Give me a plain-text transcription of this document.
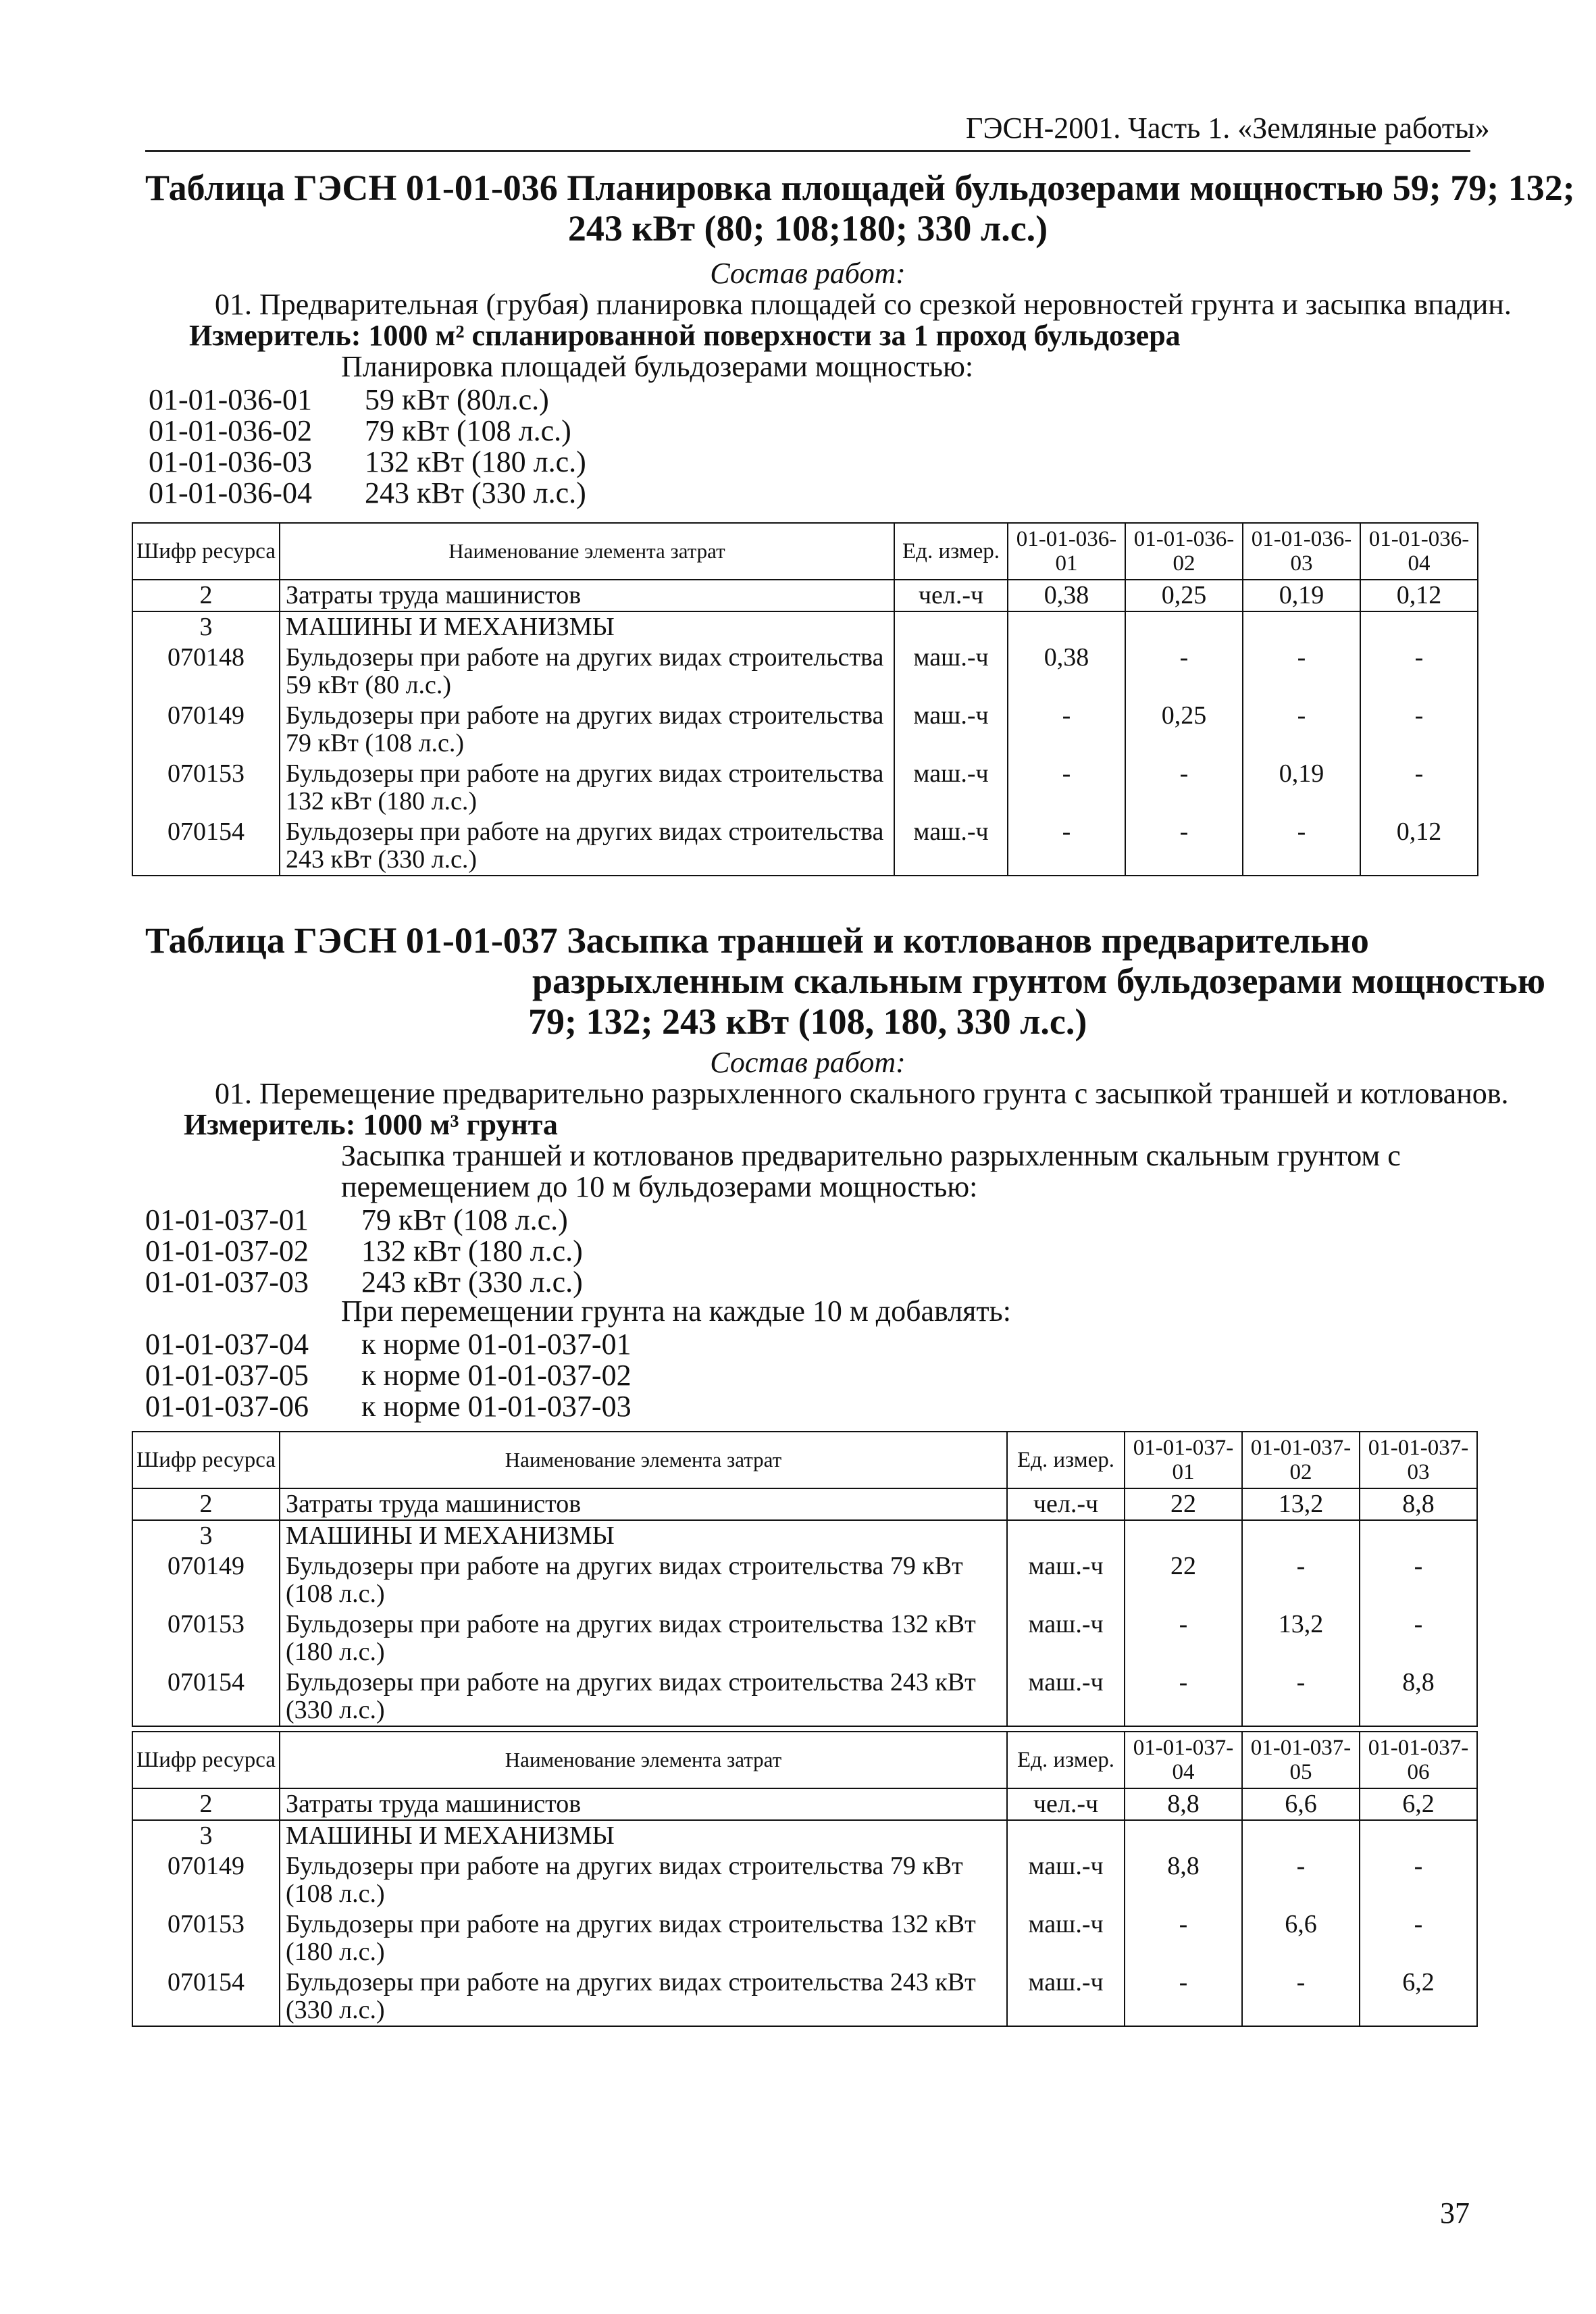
ГЭСН-2001. Часть 1. «Земляные работы»
Таблица ГЭСН 01-01-036 Планировка площадей бульдозерами мощностью 59; 79; 132;
243 кВт (80; 108;180; 330 л.с.)
Состав работ:
01. Предварительная (грубая) планировка площадей со срезкой неровностей грунта и засыпка впадин.
Измеритель: 1000 м² спланированной поверхности за 1 проход бульдозера
Планировка площадей бульдозерами мощностью:
01-01-036-01 59 кВт (80л.с.)
01-01-036-02 79 кВт (108 л.с.)
01-01-036-03 132 кВт (180 л.с.)
01-01-036-04 243 кВт (330 л.с.)
Шифр ресурса	Наименование элемента затрат	Ед. измер.	01-01-036-01	01-01-036-02	01-01-036-03	01-01-036-04
2	Затраты труда машинистов	чел.-ч	0,38	0,25	0,19	0,12
3	МАШИНЫ И МЕХАНИЗМЫ					
070148	Бульдозеры при работе на других видах строительства 59 кВт (80 л.с.)	маш.-ч	0,38	-	-	-
070149	Бульдозеры при работе на других видах строительства 79 кВт (108 л.с.)	маш.-ч	-	0,25	-	-
070153	Бульдозеры при работе на других видах строительства 132 кВт (180 л.с.)	маш.-ч	-	-	0,19	-
070154	Бульдозеры при работе на других видах строительства 243 кВт (330 л.с.)	маш.-ч	-	-	-	0,12
Таблица ГЭСН 01-01-037 Засыпка траншей и котлованов предварительно
разрыхленным скальным грунтом бульдозерами мощностью
79; 132; 243 кВт (108, 180, 330 л.с.)
Состав работ:
01. Перемещение предварительно разрыхленного скального грунта с засыпкой траншей и котлованов.
Измеритель: 1000 м³ грунта
Засыпка траншей и котлованов предварительно разрыхленным скальным грунтом с
перемещением до 10 м бульдозерами мощностью:
01-01-037-01 79 кВт (108 л.с.)
01-01-037-02 132 кВт (180 л.с.)
01-01-037-03 243 кВт (330 л.с.)
При перемещении грунта на каждые 10 м добавлять:
01-01-037-04 к норме 01-01-037-01
01-01-037-05 к норме 01-01-037-02
01-01-037-06 к норме 01-01-037-03
Шифр ресурса	Наименование элемента затрат	Ед. измер.	01-01-037-01	01-01-037-02	01-01-037-03
2	Затраты труда машинистов	чел.-ч	22	13,2	8,8
3	МАШИНЫ И МЕХАНИЗМЫ				
070149	Бульдозеры при работе на других видах строительства 79 кВт (108 л.с.)	маш.-ч	22	-	-
070153	Бульдозеры при работе на других видах строительства 132 кВт (180 л.с.)	маш.-ч	-	13,2	-
070154	Бульдозеры при работе на других видах строительства 243 кВт (330 л.с.)	маш.-ч	-	-	8,8
Шифр ресурса	Наименование элемента затрат	Ед. измер.	01-01-037-04	01-01-037-05	01-01-037-06
2	Затраты труда машинистов	чел.-ч	8,8	6,6	6,2
3	МАШИНЫ И МЕХАНИЗМЫ				
070149	Бульдозеры при работе на других видах строительства 79 кВт (108 л.с.)	маш.-ч	8,8	-	-
070153	Бульдозеры при работе на других видах строительства 132 кВт (180 л.с.)	маш.-ч	-	6,6	-
070154	Бульдозеры при работе на других видах строительства 243 кВт (330 л.с.)	маш.-ч	-	-	6,2
37
